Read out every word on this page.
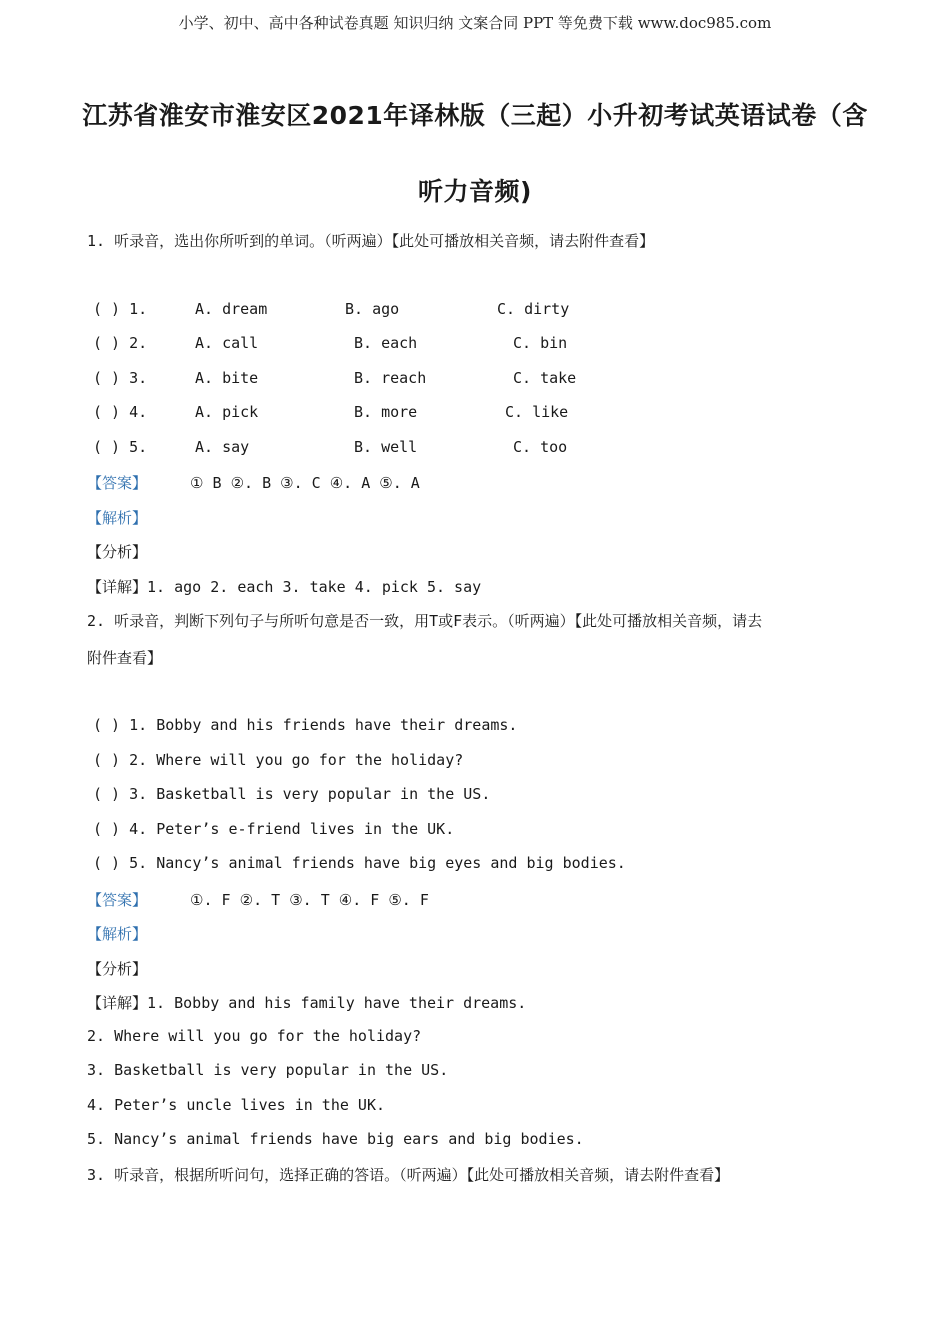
小学、初中、高中各种试卷真题 知识归纳 文案合同 PPT 等免费下载 www.doc985.com
江苏省淮安市淮安区2021年译林版（三起）小升初考试英语试卷（含
听力音频)
1. 听录音，选出你所听到的单词。（听两遍）【此处可播放相关音频，请去附件查看】
( ) 1.	A. dream	B. ago	C. dirty
( ) 2.	A. call	B. each	C. bin
( ) 3.	A. bite	B. reach	C. take
( ) 4.	A. pick	B. more	C. like
( ) 5.	A. say	B. well	C. too
【答案】	① B ②. B ③. C ④. A ⑤. A
【解析】
【分析】
【详解】1. ago 2. each 3. take 4. pick 5. say
2. 听录音，判断下列句子与所听句意是否一致，用T或F表示。（听两遍）【此处可播放相关音频，请去
附件查看】
( ) 1. Bobby and his friends have their dreams.
( ) 2. Where will you go for the holiday?
( ) 3. Basketball is very popular in the US.
( ) 4. Peter’s e-friend lives in the UK.
( ) 5. Nancy’s animal friends have big eyes and big bodies.
【答案】	①. F ②. T ③. T ④. F ⑤. F
【解析】
【分析】
【详解】1. Bobby and his family have their dreams.
2. Where will you go for the holiday?
3. Basketball is very popular in the US.
4. Peter’s uncle lives in the UK.
5. Nancy’s animal friends have big ears and big bodies.
3. 听录音，根据所听问句，选择正确的答语。（听两遍）【此处可播放相关音频，请去附件查看】
